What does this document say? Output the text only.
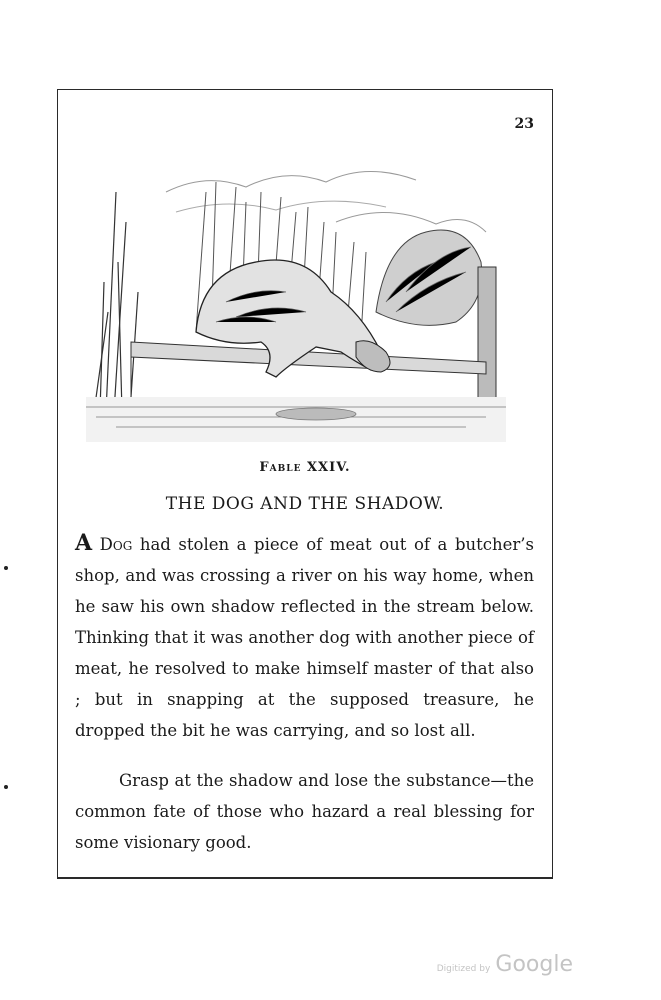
23
Fable XXIV.
THE DOG AND THE SHADOW.
A Dog had stolen a piece of meat out of a butcher’s shop, and was crossing a river on his way home, when he saw his own shadow reflected in the stream below. Thinking that it was another dog with another piece of meat, he resolved to make himself master of that also ; but in snapping at the supposed treasure, he dropped the bit he was carrying, and so lost all.
Grasp at the shadow and lose the substance—the common fate of those who hazard a real blessing for some visionary good.
Digitized by Google
